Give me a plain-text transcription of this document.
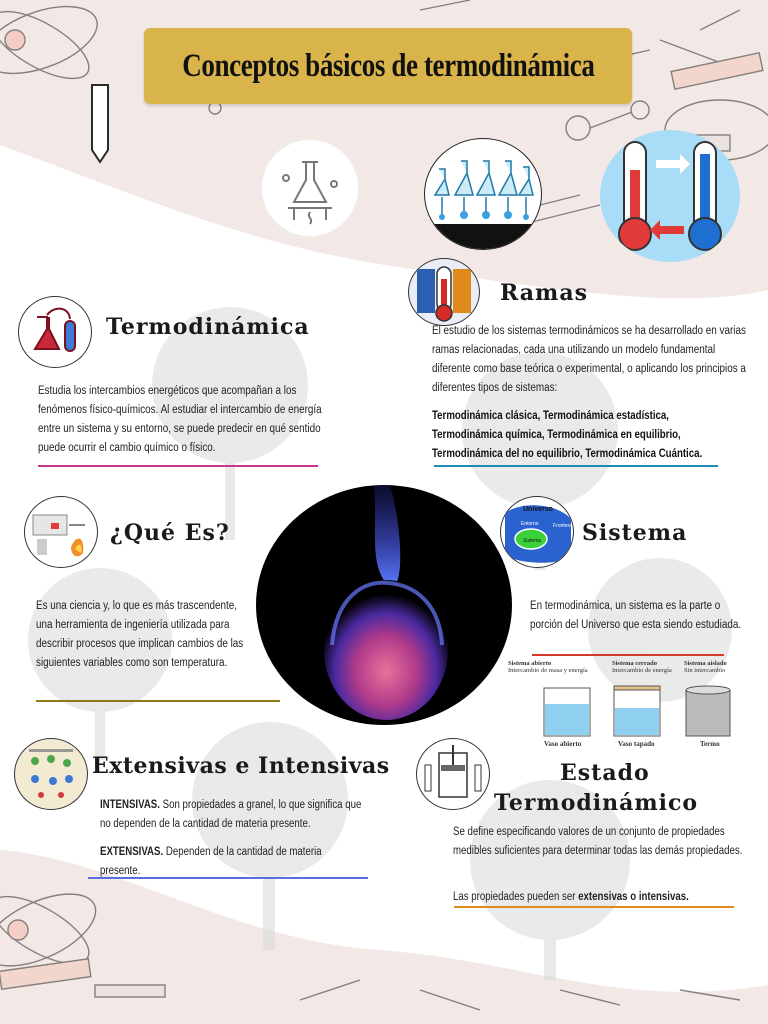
Conceptos básicos de termodinámica
Termodinámica
Estudia los intercambios energéticos que acompañan a los fenómenos físico-químicos. Al estudiar el intercambio de energía entre un sistema y su entorno, se puede predecir en qué sentido puede ocurrir el cambio químico o físico.
Ramas
El estudio de los sistemas termodinámicos se ha desarrollado en varias ramas relacionadas, cada una utilizando un modelo fundamental diferente como base teórica o experimental, o aplicando los principios a diferentes tipos de sistemas:
Termodinámica clásica, Termodinámica estadística,
Termodinámica química, Termodinámica en equilibrio,
Termodinámica del no equilibrio, Termodinámica Cuántica.
¿Qué Es?
Es una ciencia y, lo que es más trascendente, una herramienta de ingeniería utilizada para describir procesos que implican cambios de las siguientes variables como son temperatura.
Universo
Entorno	Frontera
Sistema Sistema
En termodinámica, un sistema es la parte o porción del Universo que esta siendo estudiada.
Sistema abierto
Intercambio de masa y energía
Sistema cerrado
Intercambio de energía
Sistema aislado
Sin intercambio
Vaso abierto	Vaso tapado	Termo
Extensivas e Intensivas
INTENSIVAS. Son propiedades a granel, lo que significa que no dependen de la cantidad de materia presente.
EXTENSIVAS. Dependen de la cantidad de materia presente.
Estado
Termodinámico
Se define especificando valores de un conjunto de propiedades medibles suficientes para determinar todas las demás propiedades.
Las propiedades pueden ser extensivas o intensivas.
